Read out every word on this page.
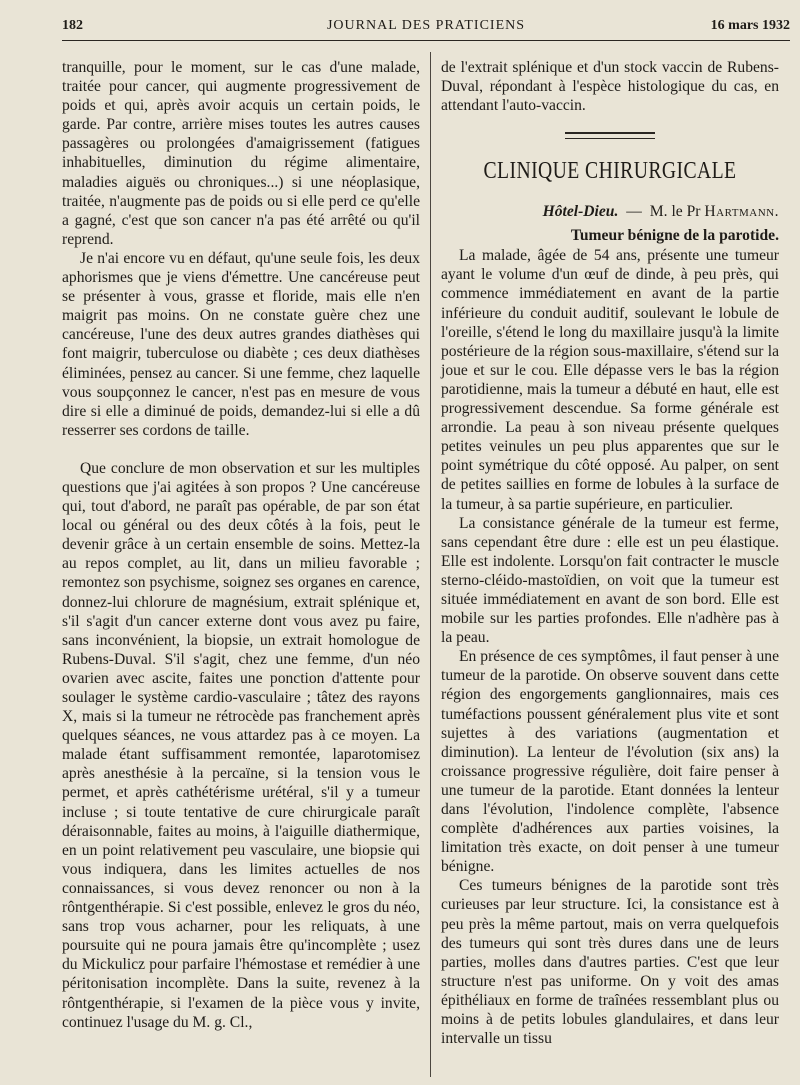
182	JOURNAL DES PRATICIENS	16 mars 1932

tranquille, pour le moment, sur le cas d'une malade, traitée pour cancer, qui augmente progressivement de poids et qui, après avoir acquis un certain poids, le garde. Par contre, arrière mises toutes les autres causes passagères ou prolongées d'amaigrissement (fatigues inhabituelles, diminution du régime alimentaire, maladies aiguës ou chroniques...) si une néoplasique, traitée, n'augmente pas de poids ou si elle perd ce qu'elle a gagné, c'est que son cancer n'a pas été arrêté ou qu'il reprend.

Je n'ai encore vu en défaut, qu'une seule fois, les deux aphorismes que je viens d'émettre. Une cancéreuse peut se présenter à vous, grasse et floride, mais elle n'en maigrit pas moins. On ne constate guère chez une cancéreuse, l'une des deux autres grandes diathèses qui font maigrir, tuberculose ou diabète ; ces deux diathèses éliminées, pensez au cancer. Si une femme, chez laquelle vous soupçonnez le cancer, n'est pas en mesure de vous dire si elle a diminué de poids, demandez-lui si elle a dû resserrer ses cordons de taille.

Que conclure de mon observation et sur les multiples questions que j'ai agitées à son propos ? Une cancéreuse qui, tout d'abord, ne paraît pas opérable, de par son état local ou général ou des deux côtés à la fois, peut le devenir grâce à un certain ensemble de soins. Mettez-la au repos complet, au lit, dans un milieu favorable ; remontez son psychisme, soignez ses organes en carence, donnez-lui chlorure de magnésium, extrait splénique et, s'il s'agit d'un cancer externe dont vous avez pu faire, sans inconvénient, la biopsie, un extrait homologue de Rubens-Duval. S'il s'agit, chez une femme, d'un néo ovarien avec ascite, faites une ponction d'attente pour soulager le système cardio-vasculaire ; tâtez des rayons X, mais si la tumeur ne rétrocède pas franchement après quelques séances, ne vous attardez pas à ce moyen. La malade étant suffisamment remontée, laparotomisez après anesthésie à la percaïne, si la tension vous le permet, et après cathétérisme urétéral, s'il y a tumeur incluse ; si toute tentative de cure chirurgicale paraît déraisonnable, faites au moins, à l'aiguille diathermique, en un point relativement peu vasculaire, une biopsie qui vous indiquera, dans les limites actuelles de nos connaissances, si vous devez renoncer ou non à la rôntgenthérapie. Si c'est possible, enlevez le gros du néo, sans trop vous acharner, pour les reliquats, à une poursuite qui ne poura jamais être qu'incomplète ; usez du Mickulicz pour parfaire l'hémostase et remédier à une péritonisation incomplète. Dans la suite, revenez à la rôntgenthérapie, si l'examen de la pièce vous y invite, continuez l'usage du M. g. Cl.,

de l'extrait splénique et d'un stock vaccin de Rubens-Duval, répondant à l'espèce histologique du cas, en attendant l'auto-vaccin.

CLINIQUE CHIRURGICALE
Hôtel-Dieu. — M. le Pr Hartmann.
Tumeur bénigne de la parotide.

La malade, âgée de 54 ans, présente une tumeur ayant le volume d'un œuf de dinde, à peu près, qui commence immédiatement en avant de la partie inférieure du conduit auditif, soulevant le lobule de l'oreille, s'étend le long du maxillaire jusqu'à la limite postérieure de la région sous-maxillaire, s'étend sur la joue et sur le cou. Elle dépasse vers le bas la région parotidienne, mais la tumeur a débuté en haut, elle est progressivement descendue. Sa forme générale est arrondie. La peau à son niveau présente quelques petites veinules un peu plus apparentes que sur le point symétrique du côté opposé. Au palper, on sent de petites saillies en forme de lobules à la surface de la tumeur, à sa partie supérieure, en particulier.

La consistance générale de la tumeur est ferme, sans cependant être dure : elle est un peu élastique. Elle est indolente. Lorsqu'on fait contracter le muscle sterno-cléido-mastoïdien, on voit que la tumeur est située immédiatement en avant de son bord. Elle est mobile sur les parties profondes. Elle n'adhère pas à la peau.

En présence de ces symptômes, il faut penser à une tumeur de la parotide. On observe souvent dans cette région des engorgements ganglionnaires, mais ces tuméfactions poussent généralement plus vite et sont sujettes à des variations (augmentation et diminution). La lenteur de l'évolution (six ans) la croissance progressive régulière, doit faire penser à une tumeur de la parotide. Etant données la lenteur dans l'évolution, l'indolence complète, l'absence complète d'adhérences aux parties voisines, la limitation très exacte, on doit penser à une tumeur bénigne.

Ces tumeurs bénignes de la parotide sont très curieuses par leur structure. Ici, la consistance est à peu près la même partout, mais on verra quelquefois des tumeurs qui sont très dures dans une de leurs parties, molles dans d'autres parties. C'est que leur structure n'est pas uniforme. On y voit des amas épithéliaux en forme de traînées ressemblant plus ou moins à de petits lobules glandulaires, et dans leur intervalle un tissu
